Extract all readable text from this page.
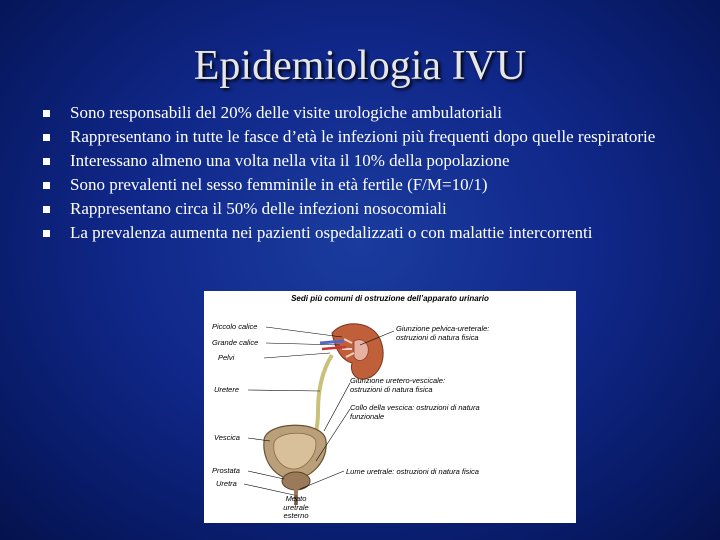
Epidemiologia IVU
Sono responsabili del 20% delle visite urologiche ambulatoriali
Rappresentano in tutte le fasce d’età le infezioni più frequenti dopo quelle respiratorie
Interessano almeno una volta nella vita il 10% della popolazione
Sono prevalenti nel sesso femminile in età fertile (F/M=10/1)
Rappresentano circa il 50% delle infezioni nosocomiali
La prevalenza aumenta nei pazienti ospedalizzati o con malattie intercorrenti
Sedi più comuni di ostruzione dell’apparato urinario
Piccolo calice
Grande calice
Pelvi
Uretere
Vescica
Prostata
Uretra
Giunzione pelvica-ureterale:
ostruzioni di natura fisica
Giunzione uretero-vescicale:
ostruzioni di natura fisica
Collo della vescica: ostruzioni di natura
funzionale
Lume uretrale: ostruzioni di natura fisica
Meato
uretrale
esterno
